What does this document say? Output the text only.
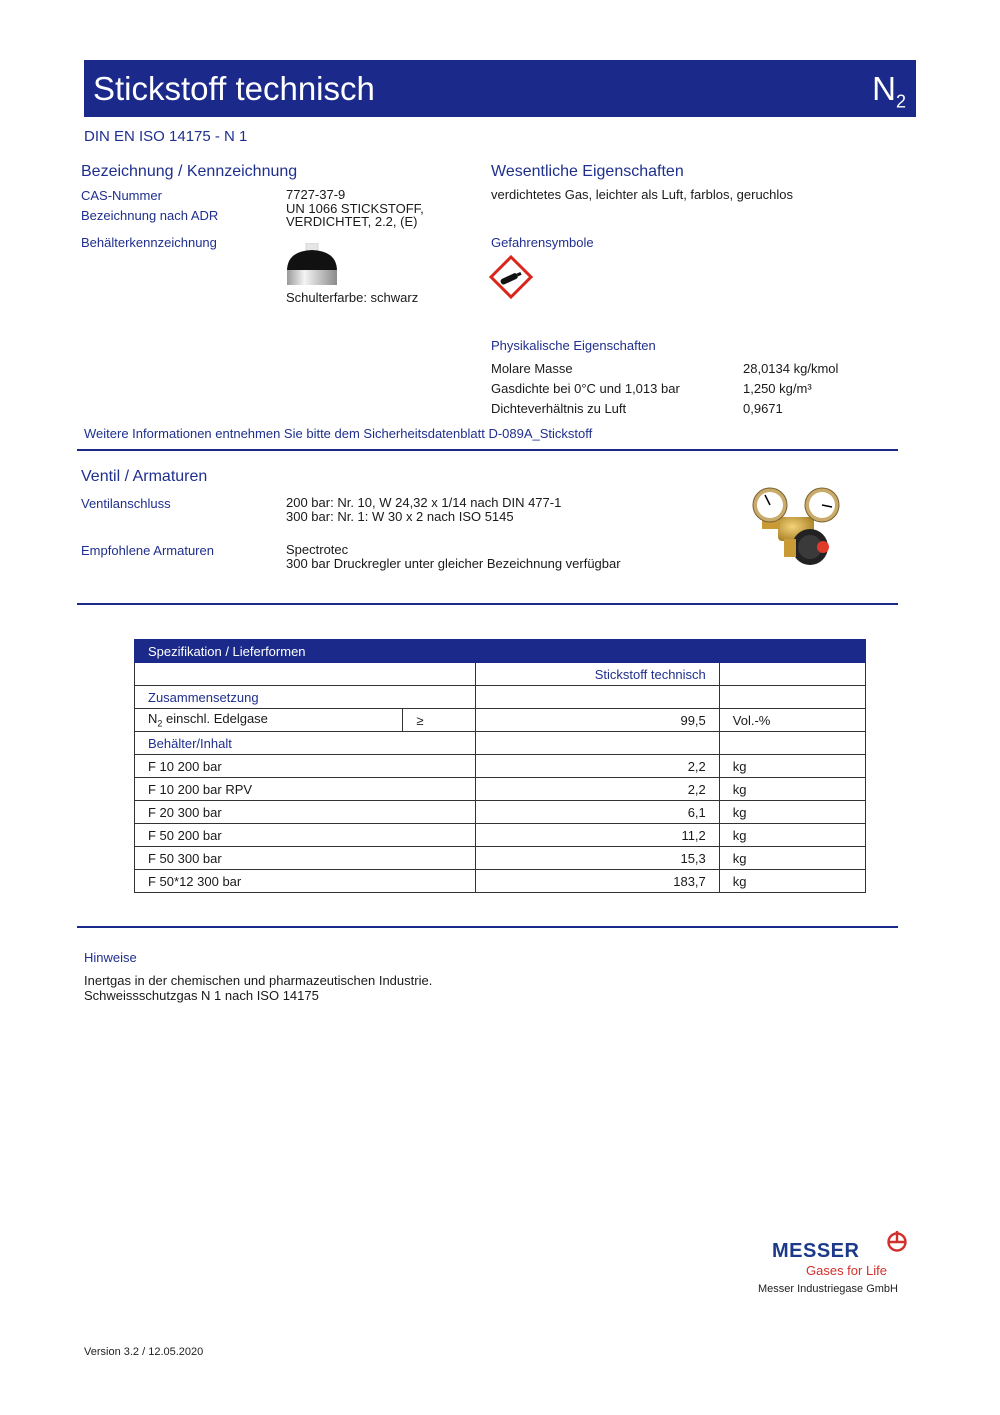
Stickstoff technisch	$N_2$
DIN EN ISO 14175 - N 1
Bezeichnung / Kennzeichnung
CAS-Nummer	7727-37-9
Bezeichnung nach ADR	UN 1066 STICKSTOFF,
VERDICHTET, 2.2, (E)
Behälterkennzeichnung
Schulterfarbe: schwarz
Wesentliche Eigenschaften
verdichtetes Gas, leichter als Luft, farblos, geruchlos
Gefahrensymbole
Physikalische Eigenschaften
Molare Masse	28,0134 kg/kmol
Gasdichte bei 0°C und 1,013 bar	1,250 kg/m³
Dichteverhältnis zu Luft	0,9671
Weitere Informationen entnehmen Sie bitte dem Sicherheitsdatenblatt D-089A_Stickstoff
Ventil / Armaturen
Ventilanschluss	200 bar: Nr. 10, W 24,32 x 1/14 nach DIN 477-1
300 bar: Nr. 1: W 30 x 2 nach ISO 5145
Empfohlene Armaturen	Spectrotec
300 bar Druckregler unter gleicher Bezeichnung verfügbar
Spezifikation / Lieferformen			
		Stickstoff technisch	
Zusammensetzung			
$N_2$ einschl. Edelgase	≥	99,5	Vol.-%
Behälter/Inhalt			
F 10 200 bar		2,2	kg
F 10 200 bar RPV		2,2	kg
F 20 300 bar		6,1	kg
F 50 200 bar		11,2	kg
F 50 300 bar		15,3	kg
F 50*12 300 bar		183,7	kg
Hinweise
Inertgas in der chemischen und pharmazeutischen Industrie.
Schweissschutzgas N 1 nach ISO 14175
MESSER
Gases for Life
Messer Industriegase GmbH
Version 3.2 / 12.05.2020
